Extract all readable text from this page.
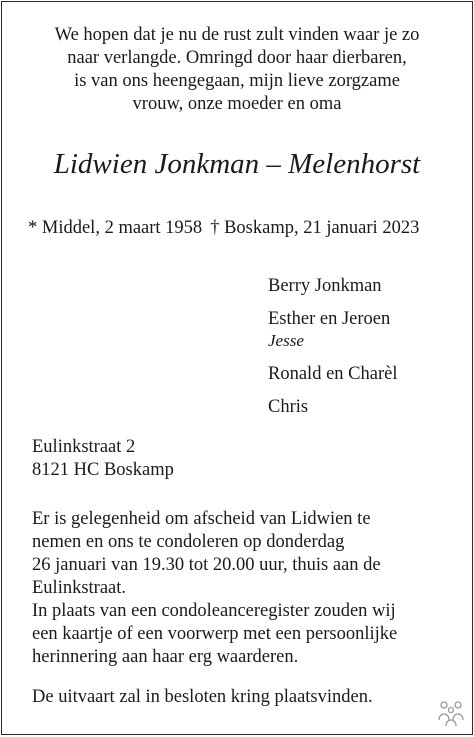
We hopen dat je nu de rust zult vinden waar je zo
naar verlangde. Omringd door haar dierbaren,
is van ons heengegaan, mijn lieve zorgzame
vrouw, onze moeder en oma
Lidwien Jonkman – Melenhorst
* Middel, 2 maart 1958 † Boskamp, 21 januari 2023
Berry Jonkman
Esther en Jeroen
Jesse
Ronald en Charèl
Chris
Eulinkstraat 2
8121 HC Boskamp
Er is gelegenheid om afscheid van Lidwien te
nemen en ons te condoleren op donderdag
26 januari van 19.30 tot 20.00 uur, thuis aan de
Eulinkstraat.
In plaats van een condoleanceregister zouden wij
een kaartje of een voorwerp met een persoonlijke
herinnering aan haar erg waarderen.
De uitvaart zal in besloten kring plaatsvinden.
